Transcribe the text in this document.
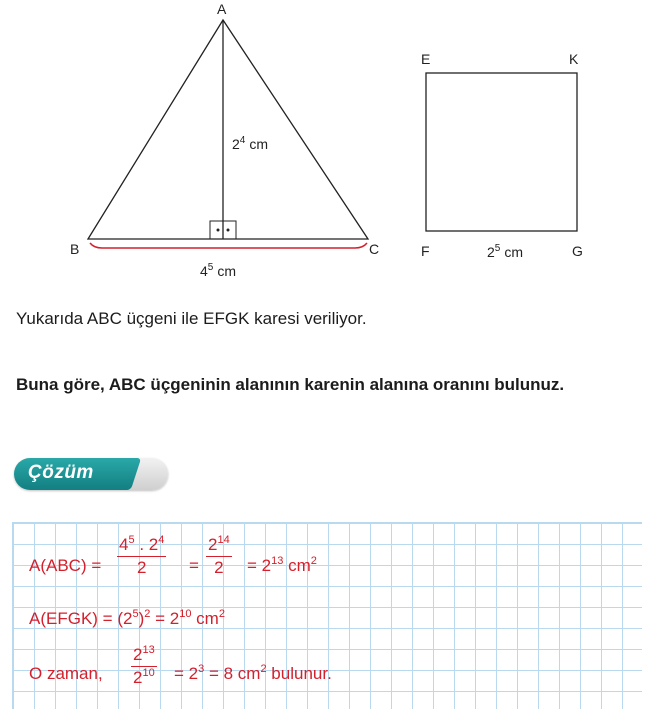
A
B	C
$2^4$ cm
$4^5$ cm
E	K
F	G
$2^5$ cm
Yukarıda ABC üçgeni ile EFGK karesi veriliyor.
Buna göre, ABC üçgeninin alanının karenin alanına oranını bulunuz.
Çözüm
$A(ABC) = \frac{4^5 . 2^4}{2} = \frac{2^{14}}{2} = 2^{13}$ $cm^2$
A(EFGK) = $(2^5)^2 = 2^{10}$ $cm^2$
O zaman, $\frac{2^{13}}{2^{10}} = 2^3 = 8$ $cm^2$ bulunur.
